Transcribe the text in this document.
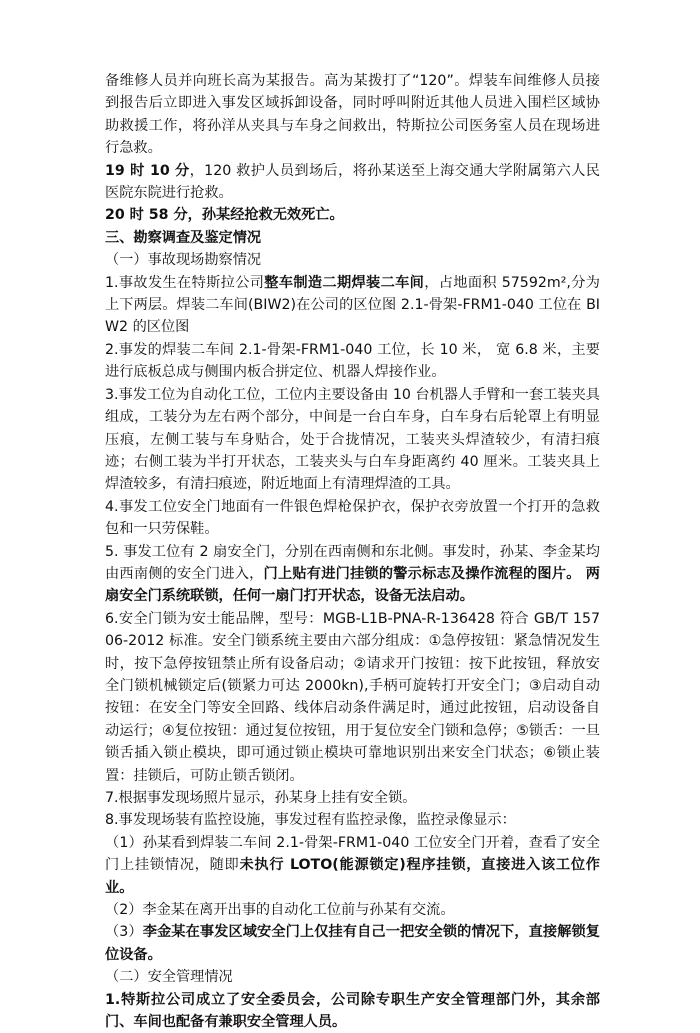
备维修人员并向班长高为某报告。高为某拨打了“120”。焊装车间维修人员接到报告后立即进入事发区域拆卸设备，同时呼叫附近其他人员进入围栏区域协助救援工作，将孙洋从夹具与车身之间救出，特斯拉公司医务室人员在现场进行急救。

19 时 10 分，120 救护人员到场后，将孙某送至上海交通大学附属第六人民医院东院进行抢救。

20 时 58 分，孙某经抢救无效死亡。

三、勘察调查及鉴定情况

（一）事故现场勘察情况

1.事故发生在特斯拉公司整车制造二期焊装二车间，占地面积 57592m²,分为上下两层。焊装二车间(BIW2)在公司的区位图 2.1-骨架-FRM1-040 工位在 BIW2 的区位图

2.事发的焊装二车间 2.1-骨架-FRM1-040 工位，长 10 米， 宽 6.8 米，主要进行底板总成与侧围内板合拼定位、机器人焊接作业。

3.事发工位为自动化工位，工位内主要设备由 10 台机器人手臂和一套工装夹具组成，工装分为左右两个部分，中间是一台白车身，白车身右后轮罩上有明显压痕，左侧工装与车身贴合，处于合拢情况，工装夹头焊渣较少，有清扫痕迹；右侧工装为半打开状态，工装夹头与白车身距离约 40 厘米。工装夹具上焊渣较多，有清扫痕迹，附近地面上有清理焊渣的工具。

4.事发工位安全门地面有一件银色焊枪保护衣，保护衣旁放置一个打开的急救包和一只劳保鞋。

5. 事发工位有 2 扇安全门，分别在西南侧和东北侧。事发时，孙某、李金某均由西南侧的安全门进入，门上贴有进门挂锁的警示标志及操作流程的图片。 两扇安全门系统联锁，任何一扇门打开状态，设备无法启动。

6.安全门锁为安士能品牌，型号：MGB-L1B-PNA-R-136428 符合 GB/T 15706-2012 标准。安全门锁系统主要由六部分组成：①急停按钮：紧急情况发生时，按下急停按钮禁止所有设备启动；②请求开门按钮：按下此按钮，释放安全门锁机械锁定后(锁紧力可达 2000kn),手柄可旋转打开安全门；③启动自动按钮：在安全门等安全回路、线体启动条件满足时，通过此按钮，启动设备自动运行；④复位按钮：通过复位按钮，用于复位安全门锁和急停；⑤锁舌：一旦锁舌插入锁止模块，即可通过锁止模块可靠地识别出来安全门状态；⑥锁止装置：挂锁后，可防止锁舌锁闭。

7.根据事发现场照片显示，孙某身上挂有安全锁。

8.事发现场装有监控设施，事发过程有监控录像，监控录像显示：

（1）孙某看到焊装二车间 2.1-骨架-FRM1-040 工位安全门开着，查看了安全门上挂锁情况，随即未执行 LOTO(能源锁定)程序挂锁，直接进入该工位作业。

（2）李金某在离开出事的自动化工位前与孙某有交流。

（3）李金某在事发区域安全门上仅挂有自己一把安全锁的情况下，直接解锁复位设备。

（二）安全管理情况

1.特斯拉公司成立了安全委员会，公司除专职生产安全管理部门外，其余部门、车间也配备有兼职安全管理人员。
